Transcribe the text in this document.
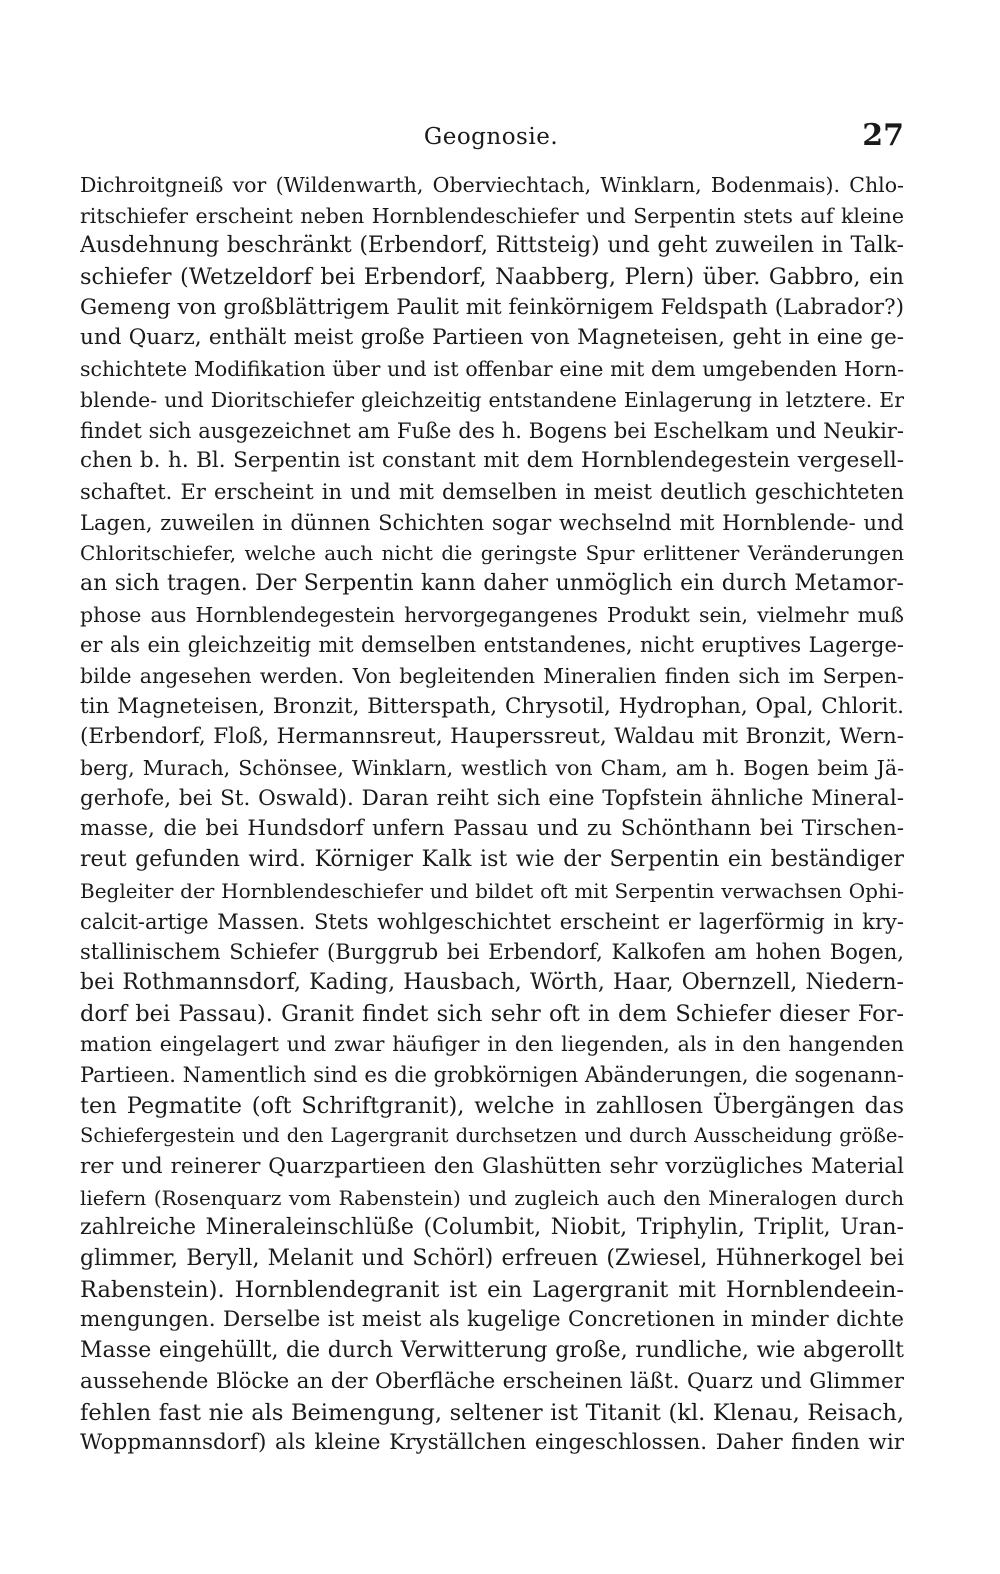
Geognosie.	27
Dichroitgneiß vor (Wildenwarth, Oberviechtach, Winklarn, Bodenmais). Chlo-
ritschiefer erscheint neben Hornblendeschiefer und Serpentin stets auf kleine
Ausdehnung beschränkt (Erbendorf, Rittsteig) und geht zuweilen in Talk-
schiefer (Wetzeldorf bei Erbendorf, Naabberg, Plern) über. Gabbro, ein
Gemeng von großblättrigem Paulit mit feinkörnigem Feldspath (Labrador?)
und Quarz, enthält meist große Partieen von Magneteisen, geht in eine ge-
schichtete Modifikation über und ist offenbar eine mit dem umgebenden Horn-
blende- und Dioritschiefer gleichzeitig entstandene Einlagerung in letztere. Er
findet sich ausgezeichnet am Fuße des h. Bogens bei Eschelkam und Neukir-
chen b. h. Bl. Serpentin ist constant mit dem Hornblendegestein vergesell-
schaftet. Er erscheint in und mit demselben in meist deutlich geschichteten
Lagen, zuweilen in dünnen Schichten sogar wechselnd mit Hornblende- und
Chloritschiefer, welche auch nicht die geringste Spur erlittener Veränderungen
an sich tragen. Der Serpentin kann daher unmöglich ein durch Metamor-
phose aus Hornblendegestein hervorgegangenes Produkt sein, vielmehr muß
er als ein gleichzeitig mit demselben entstandenes, nicht eruptives Lagerge-
bilde angesehen werden. Von begleitenden Mineralien finden sich im Serpen-
tin Magneteisen, Bronzit, Bitterspath, Chrysotil, Hydrophan, Opal, Chlorit.
(Erbendorf, Floß, Hermannsreut, Hauperssreut, Waldau mit Bronzit, Wern-
berg, Murach, Schönsee, Winklarn, westlich von Cham, am h. Bogen beim Jä-
gerhofe, bei St. Oswald). Daran reiht sich eine Topfstein ähnliche Mineral-
masse, die bei Hundsdorf unfern Passau und zu Schönthann bei Tirschen-
reut gefunden wird. Körniger Kalk ist wie der Serpentin ein beständiger
Begleiter der Hornblendeschiefer und bildet oft mit Serpentin verwachsen Ophi-
calcit-artige Massen. Stets wohlgeschichtet erscheint er lagerförmig in kry-
stallinischem Schiefer (Burggrub bei Erbendorf, Kalkofen am hohen Bogen,
bei Rothmannsdorf, Kading, Hausbach, Wörth, Haar, Obernzell, Niedern-
dorf bei Passau). Granit findet sich sehr oft in dem Schiefer dieser For-
mation eingelagert und zwar häufiger in den liegenden, als in den hangenden
Partieen. Namentlich sind es die grobkörnigen Abänderungen, die sogenann-
ten Pegmatite (oft Schriftgranit), welche in zahllosen Übergängen das
Schiefergestein und den Lagergranit durchsetzen und durch Ausscheidung größe-
rer und reinerer Quarzpartieen den Glashütten sehr vorzügliches Material
liefern (Rosenquarz vom Rabenstein) und zugleich auch den Mineralogen durch
zahlreiche Mineraleinschlüße (Columbit, Niobit, Triphylin, Triplit, Uran-
glimmer, Beryll, Melanit und Schörl) erfreuen (Zwiesel, Hühnerkogel bei
Rabenstein). Hornblendegranit ist ein Lagergranit mit Hornblendeein-
mengungen. Derselbe ist meist als kugelige Concretionen in minder dichte
Masse eingehüllt, die durch Verwitterung große, rundliche, wie abgerollt
aussehende Blöcke an der Oberfläche erscheinen läßt. Quarz und Glimmer
fehlen fast nie als Beimengung, seltener ist Titanit (kl. Klenau, Reisach,
Woppmannsdorf) als kleine Kryställchen eingeschlossen. Daher finden wir
